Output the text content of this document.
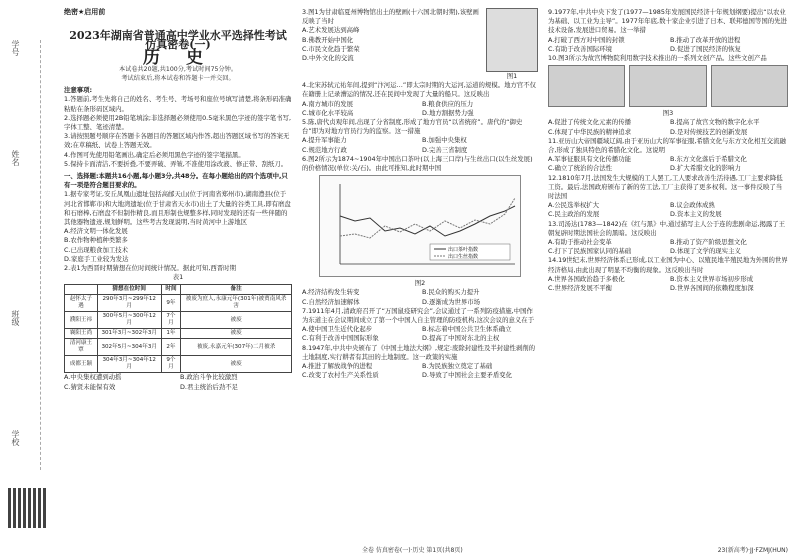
学号
姓名
班级
学校
绝密★启用前
2023年湖南省普通高中学业水平选择性考试仿真密卷(一)
历 史
本试卷共20题,共100分,考试时间75分钟。
考试结束后,将本试卷和答题卡一并交回。
注意事项:

1.答题前,考生先将自己的姓名、考生号、考场号和座位号填写清楚,将条形码准确粘贴在条形码区域内。

2.选择题必须使用2B铅笔填涂;非选择题必须使用0.5毫米黑色字迹的签字笔书写,字体工整、笔迹清楚。

3.请按照题号顺序在答题卡各题目的答题区域内作答,超出答题区域书写的答案无效;在草稿纸、试卷上答题无效。

4.作图可先使用铅笔画出,确定后必须用黑色字迹的签字笔描黑。

5.保持卡面清洁,不要折叠,不要弄破、弄皱,不准使用涂改液、修正带、刮纸刀。

一、选择题:本题共16小题,每小题3分,共48分。在每小题给出的四个选项中,只有一项是符合题目要求的。

1.据专家考证,安丘凤凰山遗址包括高邮天山(位于河南省郑州市),湖南澧县(位于河北省邯郸市)和大地湾遗址(位于甘肃省天水市)出土了大量的谷类工具,即有磨盘和石磨棒,石磨盘不但制作精良,而且形制也规整多样,同时发现的还有一些伴随的其他器物遗迹,规划鲜明。这些考古发现说明,当时黄河中上游地区

A.经济文明一体化发展
B.农作物种植种类繁多
C.已出现粮食加工技术
D.家庭手工业较为发达

2.表1为西晋时期猜想在位时间统计情况。据此可知,西晋时期

表1
	猜想在位时间	时间	备注
赵怀太子遇	290年3月~299年12月	9年	被废为庶人,永康元年(301年)被贾南风杀害
濮阳王祎	300年5月~300年12月	7个月	被废
襄阳王尚	301年3月~302年3月	1年	被废
清河康王覃	302年5月~304年3月	2年	被废,永嘉元年(307年)二月被杀
成都王颖	304年3月~304年12月	9个月	被废
A.中央集权遭到动摇	B.政治斗争比较激烈
C.猜贤未能保有效	D.君主统治后劲不足

3.图1为甘肃临夏州博物馆出土的壁画(十六国北朝时期),该壁画反映了当时

A.艺术发展达到高峰
B.佛教开始中国化
C.市民文化趋于繁荣
D.中外文化的交流
图1

4.北宋苏轼元祐年间,提到“汴河运…”即太宗时期的大运河,运道的规模。地方官不仅在籍册上记录漕运的情况,还在民间中发现了大量的船只。这反映出

A.南方城市的发展	B.粮食供应的压力
C.城市化水平较高	D.地方割据势力强

5.陈,唐代贞观年间,出现了分省制度,形成了地方官员“以省统府”。唐代的“御史台”即为对地方官员行为的监察。这一措施

A.提升军事能力	B.加强中央集权
C.规范地方行政	D.完善三省制度

6.图2所示为1874~1904年中国出口茶叶(以上海三口岸)与生丝出口(以生丝发展)的价格情况(单位:关/石)。由此可推知,此时期中国

出口茶叶指数
出口生丝指数
图2
A.经济结构发生转变	B.民众的购买力提升
C.自然经济加速解体	D.逐渐成为世界市场

7.1911年4月,清政府召开了“万国鼠疫研究会”,会议通过了一系列防疫措施,中国作为东道主在会议期间成立了第一个中国人自主管理的防疫机构,这次会议的意义在于

A.使中国卫生近代化起步	B.标志着中国公共卫生体系确立
C.有利于改善中国国际形象	D.提高了中国对东北的主权

8.1947年,中共中央颁布了《中国土地法大纲》,规定:废除封建性及半封建性剥削的土地制度,实行耕者有其田的土地制度。这一政策的实施

A.推进了解放战争的进程	B.为民族独立奠定了基础
C.改变了农村生产关系性质	D.导致了中国社会主要矛盾变化

9.1977年,中共中央下发了(1977—1985年发展国民经济十年规划纲要)提出“以农业为基础、以工业为主导”。1977年年底,数十家企业引进了日本、联邦德国等国的先进技术设备,发展进口贸易。这一举措

A.打破了西方对中国的封锁	B.推动了改革开放的进程
C.有助于改善国际环境	D.促进了国民经济的恢复

10.图3所示为故宫博物院利用数字技术推出的一系列文创产品。这些文创产品

图3
A.促进了传统文化元素的传播	B.提高了故宫文物的数字化水平
C.体现了中华民族的精神追求	D.是对传统技艺的创新发展

11.亚历山大帝国疆域辽阔,由于亚历山大的军事征服,希腊文化与东方文化相互交流融合,形成了独具特色的希腊化文化。这说明

A.军事征服具有文化传播功能	B.东方文化落后于希腊文化
C.确立了统治的合法性	D.扩大希腊文化的影响力

12.1810年7月,法国发生大规模的工人罢工,工人要求改善生活待遇,工厂主要求降低工资。最后,法国政府颁布了新的劳工法,工厂主获得了更多权利。这一事件反映了当时法国

A.公民选举权扩大	B.议会政体成熟
C.民主政治的发展	D.资本主义的发展

13.司汤达(1783—1842)在《红与黑》中,通过描写主人公于连的悲剧命运,揭露了王朝复辟时期法国社会的黑暗。这反映出

A.有助于推动社会变革	B.推动了资产阶级思想文化
C.打下了民族国家认同的基础	D.体现了文学的现实主义

14.19世纪末,世界经济体系已形成,以工业国为中心、以殖民地半殖民地为外围的世界经济格局,由此出现了明显不均衡的现象。这反映出当时

A.世界各国政治趋于多极化	B.资本主义世界市场初步形成
C.世界经济发展不平衡	D.世界各国间的依赖程度加深
全卷 仿真密卷(一)·历史 第1页(共8页)	23(新高考)·JJ·FZMJ(HUN)
